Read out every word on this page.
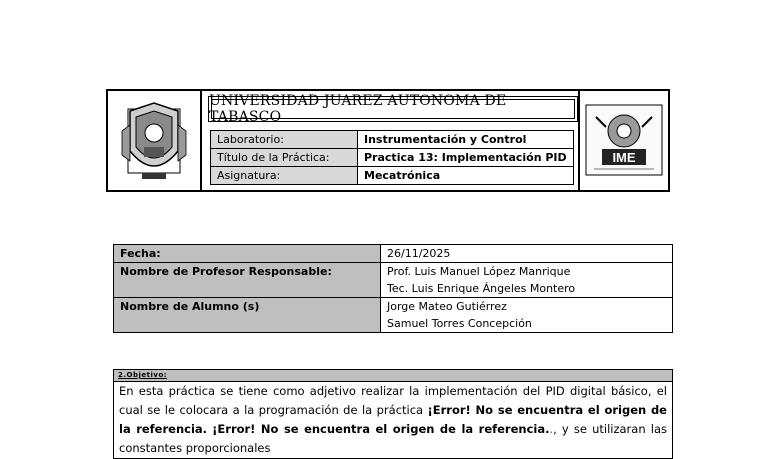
IME
UNIVERSIDAD JUAREZ AUTONOMA DE TABASCO
Laboratorio:	Instrumentación y Control
Título de la Práctica:	Practica 13: Implementación PID
Asignatura:	Mecatrónica
Fecha:	26/11/2025
Nombre de Profesor Responsable:	Prof. Luis Manuel López Manrique
Tec. Luis Enrique Ángeles Montero

Nombre de Alumno (s)	Jorge Mateo Gutiérrez
Samuel Torres Concepción
2.Objetivo:
En esta práctica se tiene como adjetivo realizar la implementación del PID digital básico, el cual se le colocara a la programación de la práctica ¡Error! No se encuentra el origen de la referencia. ¡Error! No se encuentra el origen de la referencia.., y se utilizaran las constantes proporcionales
